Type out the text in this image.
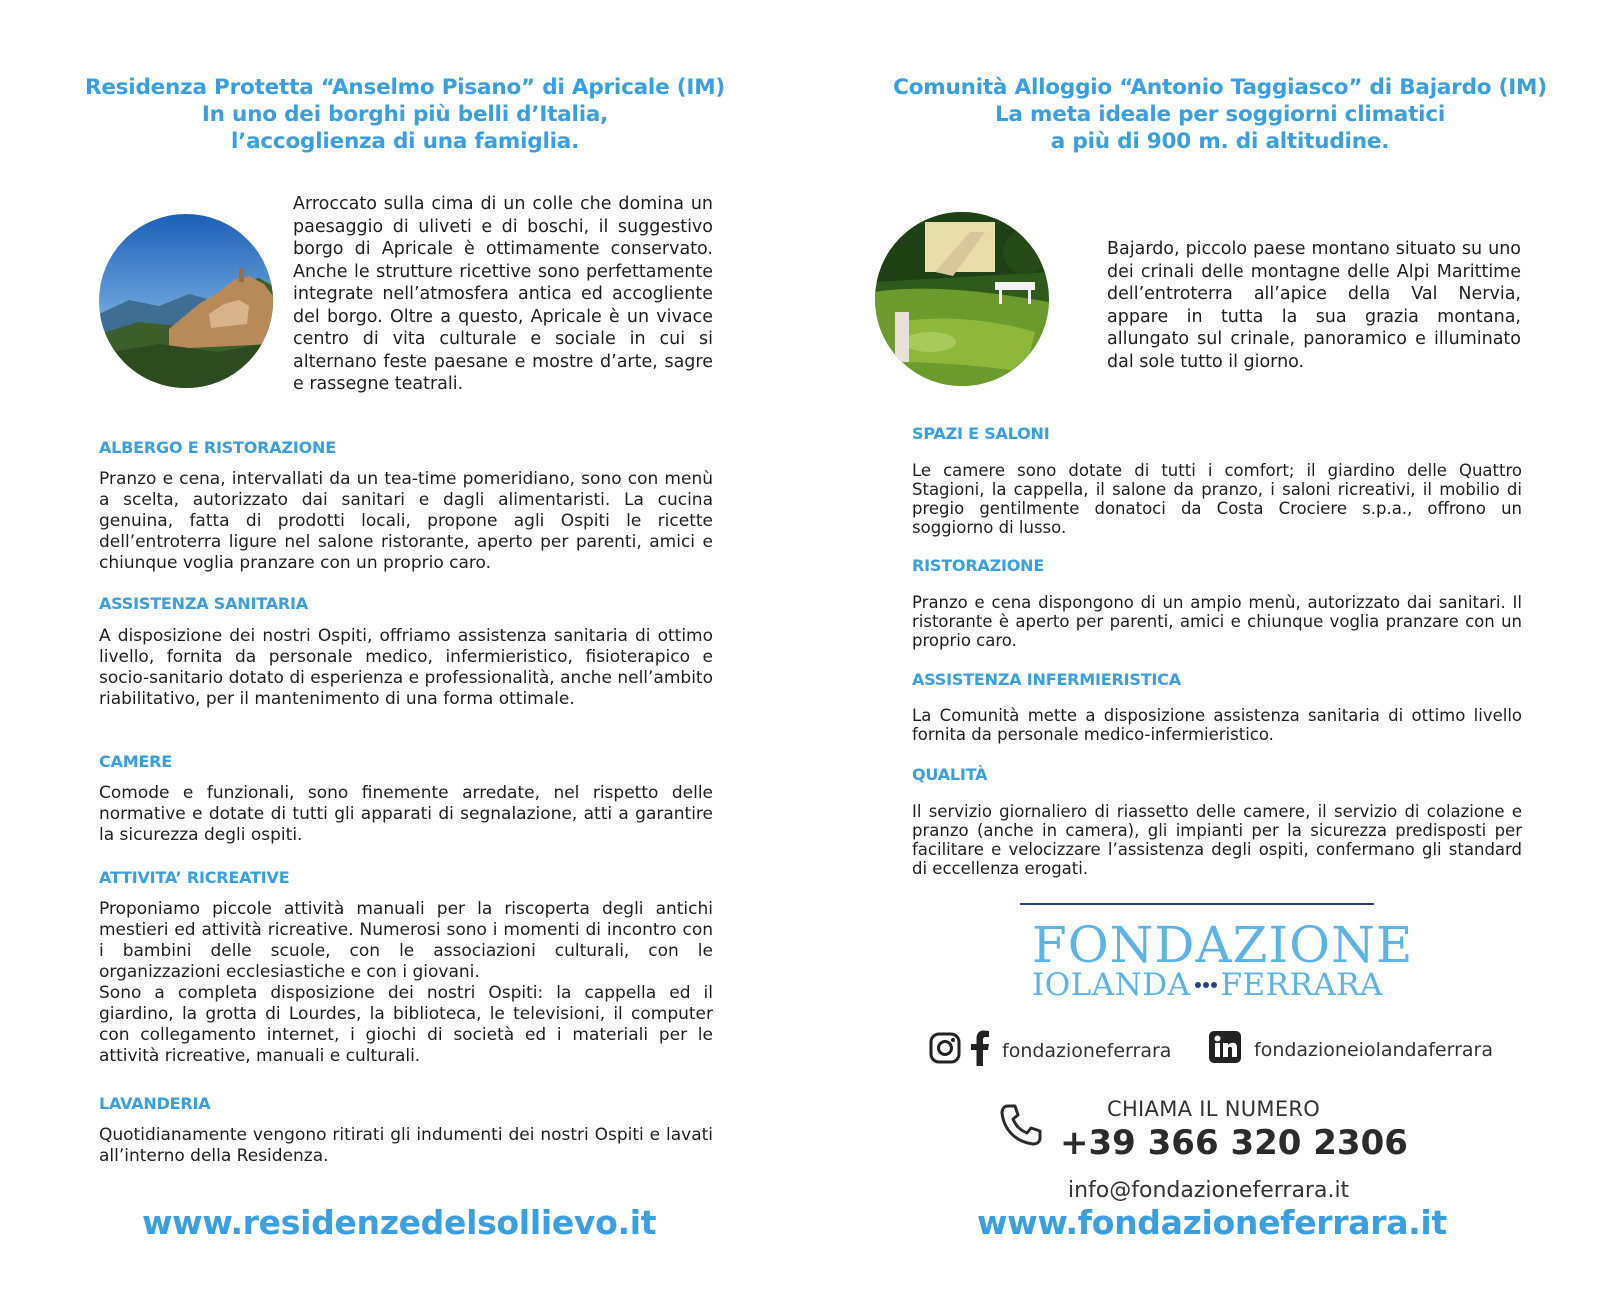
Residenza Protetta “Anselmo Pisano” di Apricale (IM)
In uno dei borghi più belli d’Italia,
l’accoglienza di una famiglia.
Arroccato sulla cima di un colle che domina un paesaggio di uliveti e di boschi, il suggestivo borgo di Apricale è ottimamente conservato. Anche le strutture ricettive sono perfettamente integrate nell’atmosfera antica ed accogliente del borgo. Oltre a questo, Apricale è un vivace centro di vita culturale e sociale in cui si alternano feste paesane e mostre d’arte, sagre e rassegne teatrali.
ALBERGO E RISTORAZIONE
Pranzo e cena, intervallati da un tea-time pomeridiano, sono con menù a scelta, autorizzato dai sanitari e dagli alimentaristi. La cucina genuina, fatta di prodotti locali, propone agli Ospiti le ricette dell’entroterra ligure nel salone ristorante, aperto per parenti, amici e chiunque voglia pranzare con un proprio caro.
ASSISTENZA SANITARIA
A disposizione dei nostri Ospiti, offriamo assistenza sanitaria di ottimo livello, fornita da personale medico, infermieristico, fisioterapico e socio-sanitario dotato di esperienza e professionalità, anche nell’ambito riabilitativo, per il mantenimento di una forma ottimale.
CAMERE
Comode e funzionali, sono finemente arredate, nel rispetto delle normative e dotate di tutti gli apparati di segnalazione, atti a garantire la sicurezza degli ospiti.
ATTIVITA’ RICREATIVE
Proponiamo piccole attività manuali per la riscoperta degli antichi mestieri ed attività ricreative. Numerosi sono i momenti di incontro con i bambini delle scuole, con le associazioni culturali, con le organizzazioni ecclesiastiche e con i giovani.
Sono a completa disposizione dei nostri Ospiti: la cappella ed il giardino, la grotta di Lourdes, la biblioteca, le televisioni, il computer con collegamento internet, i giochi di società ed i materiali per le attività ricreative, manuali e culturali.
LAVANDERIA
Quotidianamente vengono ritirati gli indumenti dei nostri Ospiti e lavati all’interno della Residenza.
www.residenzedelsollievo.it
Comunità Alloggio “Antonio Taggiasco” di Bajardo (IM)
La meta ideale per soggiorni climatici
a più di 900 m. di altitudine.
Bajardo, piccolo paese montano situato su uno dei crinali delle montagne delle Alpi Marittime dell’entroterra all’apice della Val Nervia, appare in tutta la sua grazia montana, allungato sul crinale, panoramico e illuminato dal sole tutto il giorno.
SPAZI E SALONI
Le camere sono dotate di tutti i comfort; il giardino delle Quattro Stagioni, la cappella, il salone da pranzo, i saloni ricreativi, il mobilio di pregio gentilmente donatoci da Costa Crociere s.p.a., offrono un soggiorno di lusso.
RISTORAZIONE
Pranzo e cena dispongono di un ampio menù, autorizzato dai sanitari. Il ristorante è aperto per parenti, amici e chiunque voglia pranzare con un proprio caro.
ASSISTENZA INFERMIERISTICA
La Comunità mette a disposizione assistenza sanitaria di ottimo livello fornita da personale medico-infermieristico.
QUALITÀ
Il servizio giornaliero di riassetto delle camere, il servizio di colazione e pranzo (anche in camera), gli impianti per la sicurezza predisposti per facilitare e velocizzare l’assistenza degli ospiti, confermano gli standard di eccellenza erogati.
FONDAZIONE
IOLANDA FERRARA
fondazioneferrara	fondazioneiolandaferrara
CHIAMA IL NUMERO
+39 366 320 2306
info@fondazioneferrara.it
www.fondazioneferrara.it
